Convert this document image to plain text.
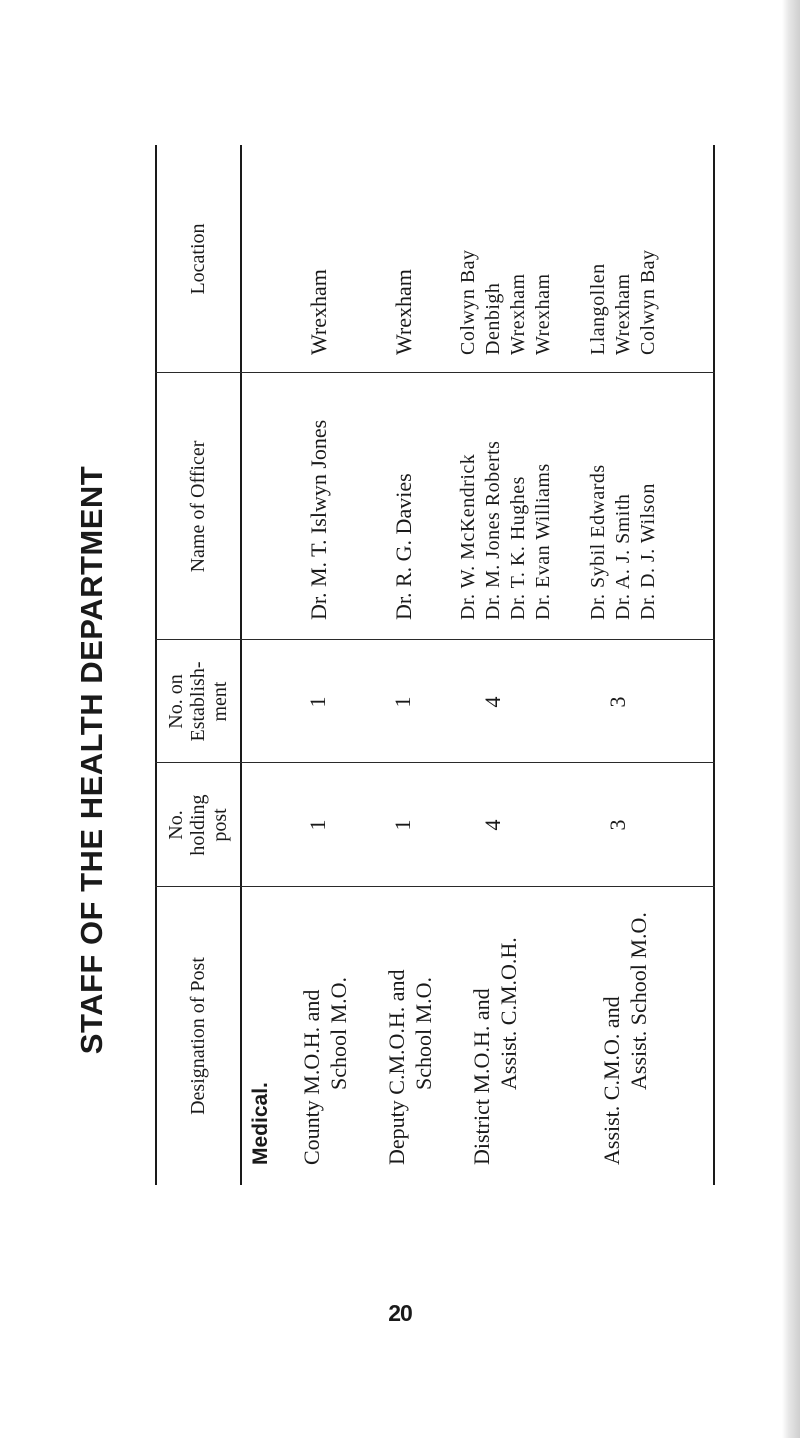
STAFF OF THE HEALTH DEPARTMENT	Designation of Post
No. holding post
No. on Establish-ment
Name of Officer
Location
Medical. County M.O.H. and School M.O.
1
1
Dr. M. T. Islwyn Jones
Wrexham
Deputy C.M.O.H. and School M.O.
1
1
Dr. R. G. Davies
Wrexham
District M.O.H. and Assist. C.M.O.H.
4
4
Dr. W. McKendrick Dr. M. Jones Roberts Dr. T. K. Hughes Dr. Evan Williams
Colwyn Bay Denbigh Wrexham Wrexham
Assist. C.M.O. and Assist. School M.O.
3
3
Dr. Sybil Edwards Dr. A. J. Smith Dr. D. J. Wilson
Llangollen Wrexham Colwyn Bay
20
